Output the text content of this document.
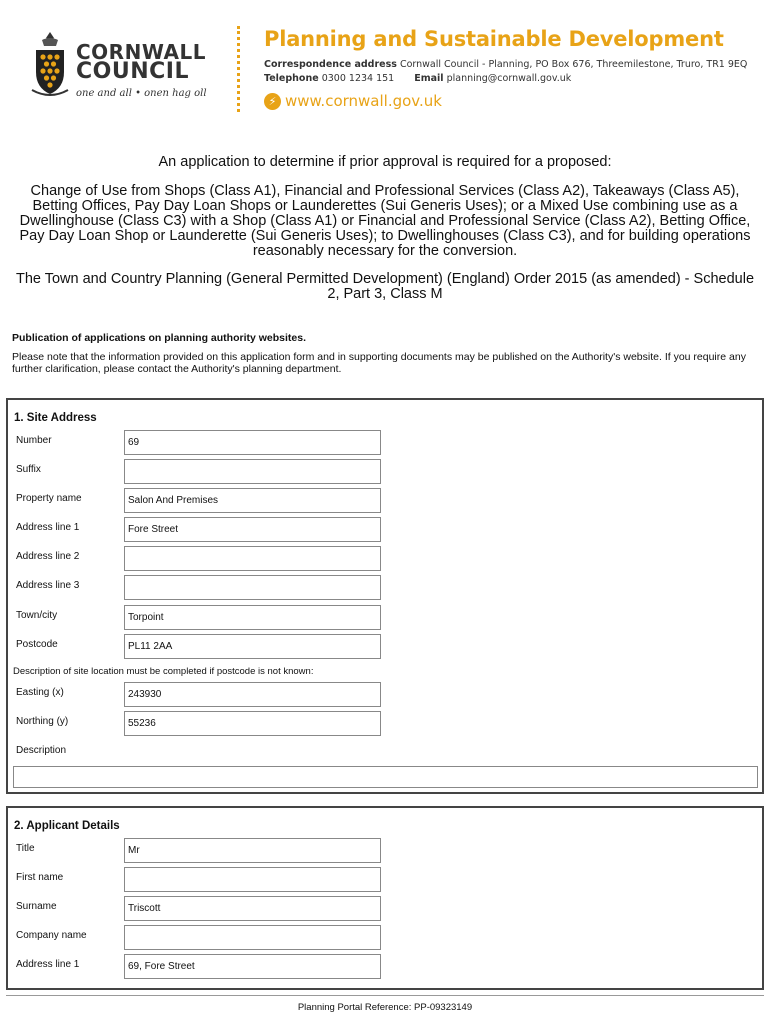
CORNWALL
COUNCIL
one and all • onen hag oll
Planning and Sustainable Development
Correspondence address Cornwall Council - Planning, PO Box 676, Threemilestone, Truro, TR1 9EQ
Telephone 0300 1234 151 Email planning@cornwall.gov.uk
⚡ www.cornwall.gov.uk
An application to determine if prior approval is required for a proposed:
Change of Use from Shops (Class A1), Financial and Professional Services (Class A2), Takeaways (Class A5), Betting Offices, Pay Day Loan Shops or Launderettes (Sui Generis Uses); or a Mixed Use combining use as a Dwellinghouse (Class C3) with a Shop (Class A1) or Financial and Professional Service (Class A2), Betting Office, Pay Day Loan Shop or Launderette (Sui Generis Uses); to Dwellinghouses (Class C3), and for building operations reasonably necessary for the conversion.
The Town and Country Planning (General Permitted Development) (England) Order 2015 (as amended) - Schedule 2, Part 3, Class M
Publication of applications on planning authority websites.
Please note that the information provided on this application form and in supporting documents may be published on the Authority's website. If you require any further clarification, please contact the Authority's planning department.
1. Site Address
Number	69
Suffix
Property name	Salon And Premises
Address line 1	Fore Street
Address line 2
Address line 3
Town/city	Torpoint
Postcode	PL11 2AA
Description of site location must be completed if postcode is not known:
Easting (x)	243930
Northing (y)	55236
Description
2. Applicant Details
Title	Mr
First name
Surname	Triscott
Company name
Address line 1	69, Fore Street
Planning Portal Reference: PP-09323149
